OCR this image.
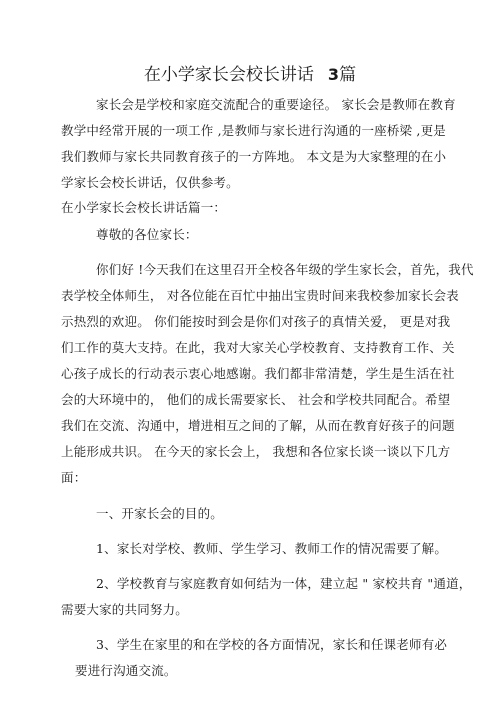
在小学家长会校长讲话 3篇
家长会是学校和家庭交流配合的重要途径。 家长会是教师在教育
教学中经常开展的一项工作 ,是教师与家长进行沟通的一座桥梁 ,更是
我们教师与家长共同教育孩子的一方阵地。 本文是为大家整理的在小
学家长会校长讲话，仅供参考。
在小学家长会校长讲话篇一：
尊敬的各位家长：
你们好 !今天我们在这里召开全校各年级的学生家长会，首先，我代
表学校全体师生， 对各位能在百忙中抽出宝贵时间来我校参加家长会表
示热烈的欢迎。 你们能按时到会是你们对孩子的真情关爱， 更是对我
们工作的莫大支持。在此，我对大家关心学校教育、支持教育工作、关
心孩子成长的行动表示衷心地感谢。我们都非常清楚，学生是生活在社
会的大环境中的， 他们的成长需要家长、 社会和学校共同配合。希望
我们在交流、沟通中，增进相互之间的了解，从而在教育好孩子的问题
上能形成共识。 在今天的家长会上， 我想和各位家长谈一谈以下几方
面：
一、开家长会的目的。
1、家长对学校、教师、学生学习、教师工作的情况需要了解。
2、学校教育与家庭教育如何结为一体，建立起 " 家校共育 "通道，
需要大家的共同努力。
3、学生在家里的和在学校的各方面情况，家长和任课老师有必
要进行沟通交流。
